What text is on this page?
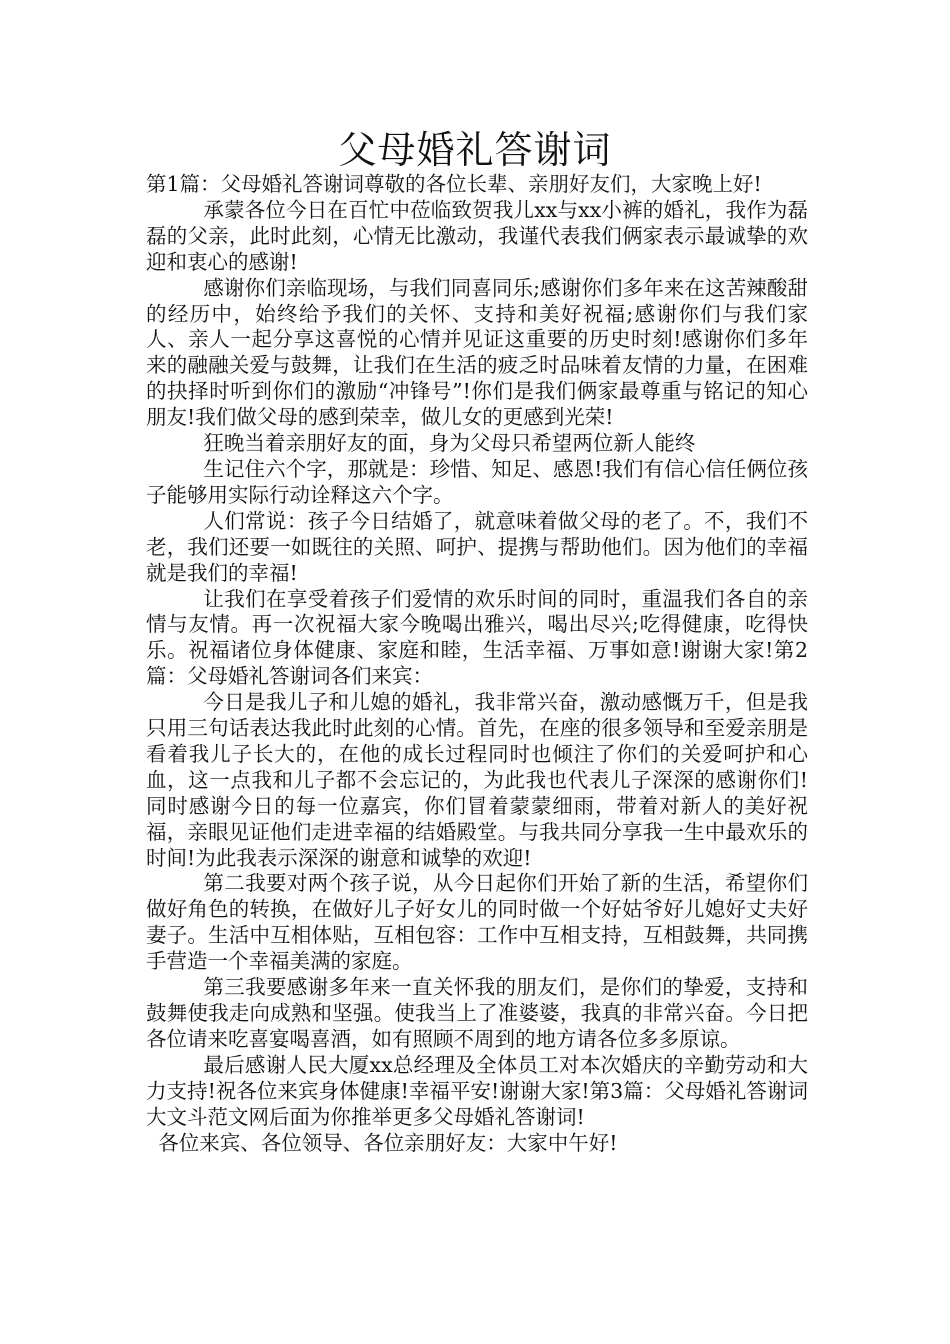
父母婚礼答谢词

第1篇：父母婚礼答谢词尊敬的各位长辈、亲朋好友们，大家晚上好!

承蒙各位今日在百忙中莅临致贺我儿xx与xx小裤的婚礼，我作为磊磊的父亲，此时此刻，心情无比激动，我谨代表我们俩家表示最诚挚的欢迎和衷心的感谢!

感谢你们亲临现场，与我们同喜同乐;感谢你们多年来在这苦辣酸甜的经历中，始终给予我们的关怀、支持和美好祝福;感谢你们与我们家人、亲人一起分享这喜悦的心情并见证这重要的历史时刻!感谢你们多年来的融融关爱与鼓舞，让我们在生活的疲乏时品味着友情的力量，在困难的抉择时听到你们的激励“冲锋号”!你们是我们俩家最尊重与铭记的知心朋友!我们做父母的感到荣幸，做儿女的更感到光荣!

狂晚当着亲朋好友的面，身为父母只希望两位新人能终

生记住六个字，那就是：珍惜、知足、感恩!我们有信心信任俩位孩子能够用实际行动诠释这六个字。

人们常说：孩子今日结婚了，就意味着做父母的老了。不，我们不老，我们还要一如既往的关照、呵护、提携与帮助他们。因为他们的幸福就是我们的幸福!

让我们在享受着孩子们爱情的欢乐时间的同时，重温我们各自的亲情与友情。再一次祝福大家今晚喝出雅兴，喝出尽兴;吃得健康，吃得快乐。祝福诸位身体健康、家庭和睦，生活幸福、万事如意!谢谢大家!第2篇：父母婚礼答谢词各们来宾：

今日是我儿子和儿媳的婚礼，我非常兴奋，激动感慨万千，但是我只用三句话表达我此时此刻的心情。首先，在座的很多领导和至爱亲朋是看着我儿子长大的，在他的成长过程同时也倾注了你们的关爱呵护和心血，这一点我和儿子都不会忘记的，为此我也代表儿子深深的感谢你们!同时感谢今日的每一位嘉宾，你们冒着蒙蒙细雨，带着对新人的美好祝福，亲眼见证他们走进幸福的结婚殿堂。与我共同分享我一生中最欢乐的时间!为此我表示深深的谢意和诚挚的欢迎!

第二我要对两个孩子说，从今日起你们开始了新的生活，希望你们做好角色的转换，在做好儿子好女儿的同时做一个好姑爷好儿媳好丈夫好妻子。生活中互相体贴，互相包容：工作中互相支持，互相鼓舞，共同携手营造一个幸福美满的家庭。

第三我要感谢多年来一直关怀我的朋友们，是你们的挚爱，支持和鼓舞使我走向成熟和坚强。使我当上了准婆婆，我真的非常兴奋。今日把各位请来吃喜宴喝喜酒，如有照顾不周到的地方请各位多多原谅。

最后感谢人民大厦xx总经理及全体员工对本次婚庆的辛勤劳动和大力支持!祝各位来宾身体健康!幸福平安!谢谢大家!第3篇：父母婚礼答谢词大文斗范文网后面为你推举更多父母婚礼答谢词!

各位来宾、各位领导、各位亲朋好友：大家中午好!
